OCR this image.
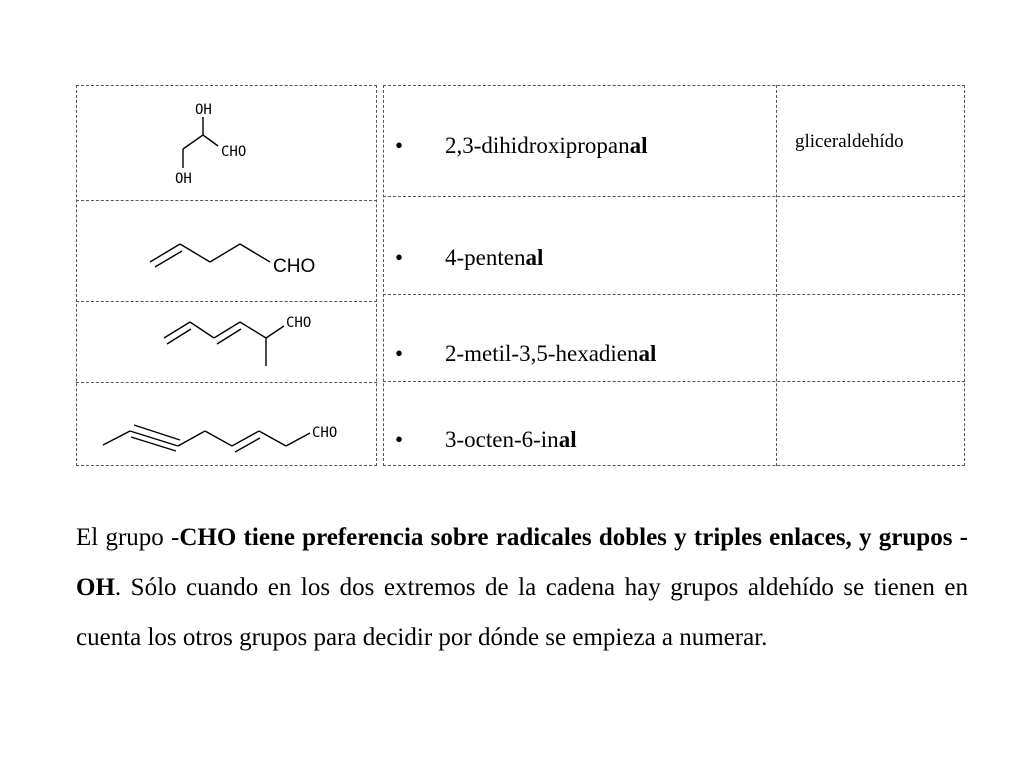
OH
CHO
OH
CHO
CHO
CHO
• 2,3-dihidroxipropanal
• 4-pentenal
• 2-metil-3,5-hexadienal
• 3-octen-6-inal
gliceraldehído

El grupo -CHO tiene preferencia sobre radicales dobles y triples enlaces, y grupos -OH. Sólo cuando en los dos extremos de la cadena hay grupos aldehído se tienen en cuenta los otros grupos para decidir por dónde se empieza a numerar.
